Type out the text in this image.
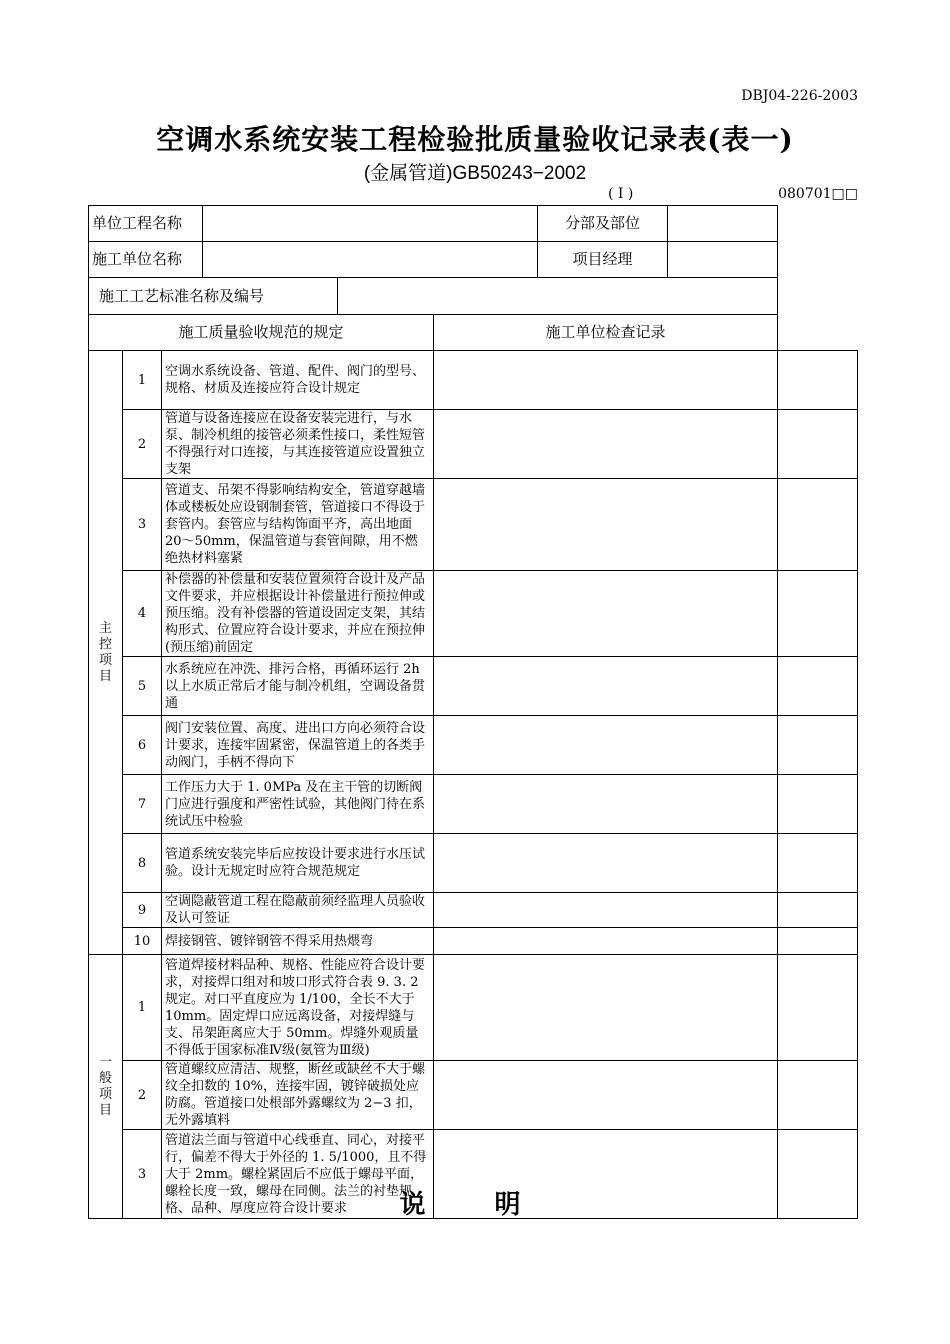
DBJ04-226-2003
空调水系统安装工程检验批质量验收记录表(表一)
(金属管道)GB50243−2002
( I )	080701□□
单位工程名称						分部及部位		
施工单位名称						项目经理		
施工工艺标准名称及编号								
施工质量验收规范的规定					施工单位检查记录			
主
控
项
目	1	空调水系统设备、管道、配件、阀门的型号、规格、材质及连接应符合设计规定						
	2	管道与设备连接应在设备安装完进行，与水泵、制冷机组的接管必须柔性接口，柔性短管不得强行对口连接，与其连接管道应设置独立支架						
	3	管道支、吊架不得影响结构安全，管道穿越墙体或楼板处应设钢制套管，管道接口不得设于套管内。套管应与结构饰面平齐，高出地面 20～50mm，保温管道与套管间隙，用不燃绝热材料塞紧						
	4	补偿器的补偿量和安装位置须符合设计及产品文件要求，并应根据设计补偿量进行预拉伸或预压缩。没有补偿器的管道设固定支架，其结构形式、位置应符合设计要求，并应在预拉伸(预压缩)前固定						
	5	水系统应在冲洗、排污合格，再循环运行 2h 以上水质正常后才能与制冷机组，空调设备贯通						
	6	阀门安装位置、高度、进出口方向必须符合设计要求，连接牢固紧密，保温管道上的各类手动阀门，手柄不得向下						
	7	工作压力大于 1. 0MPa 及在主干管的切断阀门应进行强度和严密性试验，其他阀门待在系统试压中检验						
	8	管道系统安装完毕后应按设计要求进行水压试验。设计无规定时应符合规范规定						
	9	空调隐蔽管道工程在隐蔽前须经监理人员验收及认可签证						
	10	焊接钢管、镀锌钢管不得采用热煨弯						
一
般
项
目	1	管道焊接材料品种、规格、性能应符合设计要求，对接焊口组对和坡口形式符合表 9. 3. 2 规定。对口平直度应为 1/100，全长不大于 10mm。固定焊口应远离设备，对接焊缝与支、吊架距离应大于 50mm。焊缝外观质量不得低于国家标准Ⅳ级(氨管为Ⅲ级)						
	2	管道螺纹应清洁、规整，断丝或缺丝不大于螺纹全扣数的 10%，连接牢固，镀锌破损处应防腐。管道接口处根部外露螺纹为 2−3 扣，无外露填料						
	3	管道法兰面与管道中心线垂直、同心，对接平行，偏差不得大于外径的 1. 5/1000，且不得大于 2mm。螺栓紧固后不应低于螺母平面，螺栓长度一致，螺母在同侧。法兰的衬垫规格、品种、厚度应符合设计要求							说 明
